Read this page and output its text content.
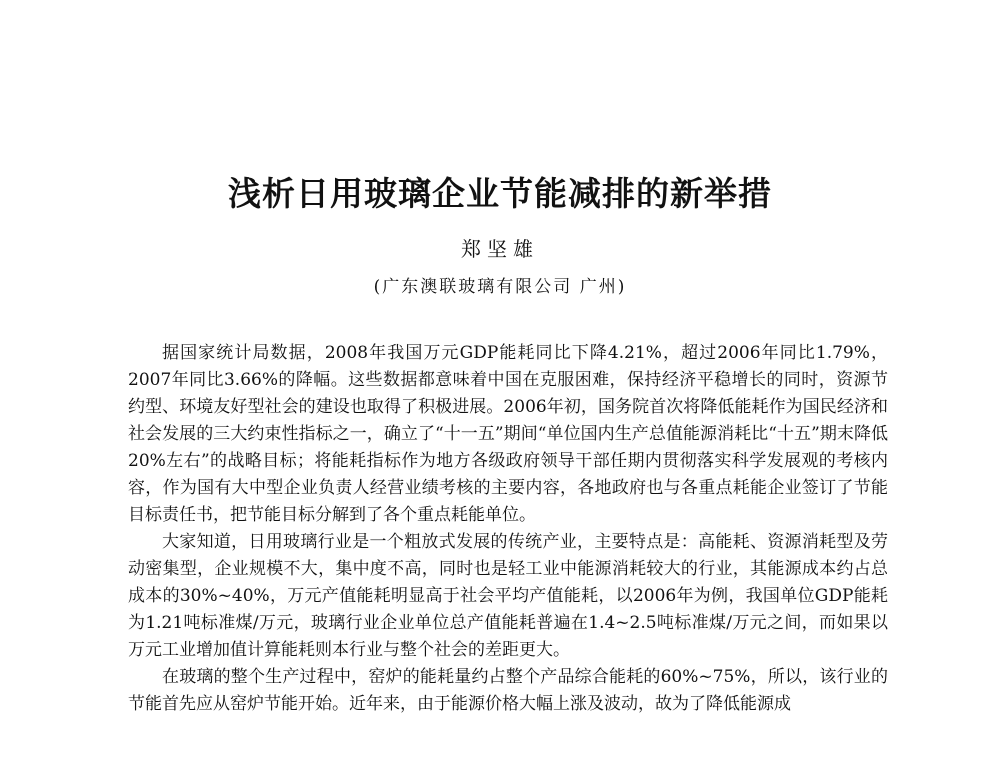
浅析日用玻璃企业节能减排的新举措
郑坚雄
(广东澳联玻璃有限公司 广州)

据国家统计局数据，2008年我国万元GDP能耗同比下降4.21%，超过2006年同比1.79%，2007年同比3.66%的降幅。这些数据都意味着中国在克服困难，保持经济平稳增长的同时，资源节约型、环境友好型社会的建设也取得了积极进展。2006年初，国务院首次将降低能耗作为国民经济和社会发展的三大约束性指标之一，确立了“十一五”期间“单位国内生产总值能源消耗比“十五”期末降低20%左右”的战略目标；将能耗指标作为地方各级政府领导干部任期内贯彻落实科学发展观的考核内容，作为国有大中型企业负责人经营业绩考核的主要内容，各地政府也与各重点耗能企业签订了节能目标责任书，把节能目标分解到了各个重点耗能单位。

大家知道，日用玻璃行业是一个粗放式发展的传统产业，主要特点是：高能耗、资源消耗型及劳动密集型，企业规模不大，集中度不高，同时也是轻工业中能源消耗较大的行业，其能源成本约占总成本的30%~40%，万元产值能耗明显高于社会平均产值能耗，以2006年为例，我国单位GDP能耗为1.21吨标准煤/万元，玻璃行业企业单位总产值能耗普遍在1.4~2.5吨标准煤/万元之间，而如果以万元工业增加值计算能耗则本行业与整个社会的差距更大。

在玻璃的整个生产过程中，窑炉的能耗量约占整个产品综合能耗的60%~75%，所以，该行业的节能首先应从窑炉节能开始。近年来，由于能源价格大幅上涨及波动，故为了降低能源成
